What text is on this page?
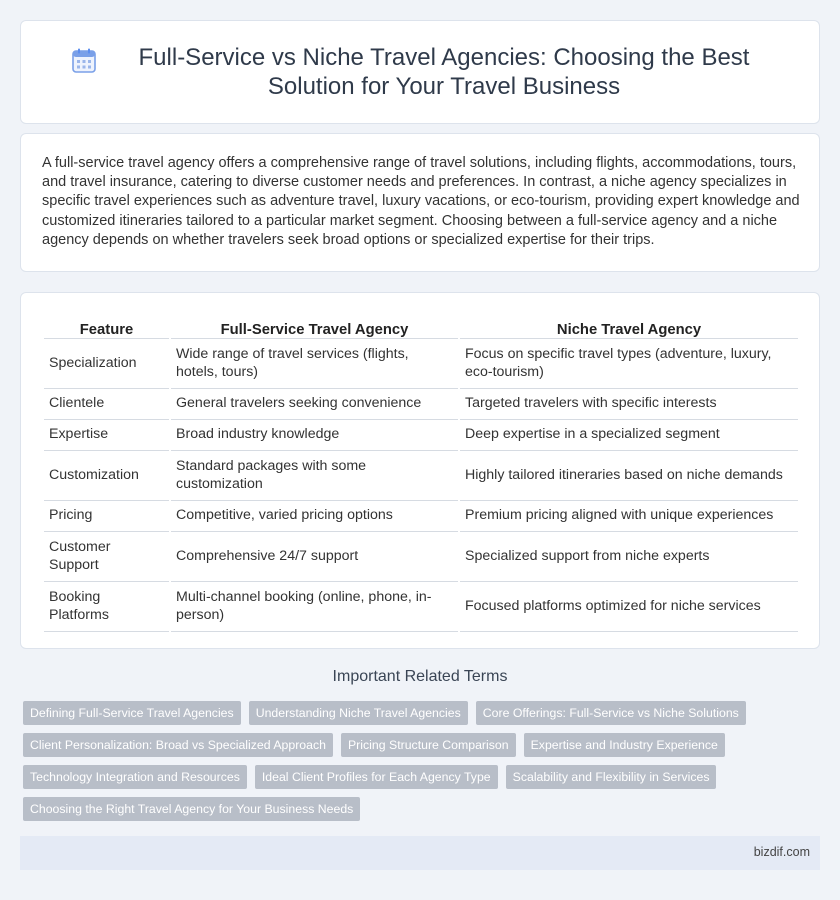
Full-Service vs Niche Travel Agencies: Choosing the Best Solution for Your Travel Business

A full-service travel agency offers a comprehensive range of travel solutions, including flights, accommodations, tours, and travel insurance, catering to diverse customer needs and preferences. In contrast, a niche agency specializes in specific travel experiences such as adventure travel, luxury vacations, or eco-tourism, providing expert knowledge and customized itineraries tailored to a particular market segment. Choosing between a full-service agency and a niche agency depends on whether travelers seek broad options or specialized expertise for their trips.

Feature	Full-Service Travel Agency	Niche Travel Agency
Specialization	Wide range of travel services (flights, hotels, tours)	Focus on specific travel types (adventure, luxury, eco-tourism)
Clientele	General travelers seeking convenience	Targeted travelers with specific interests
Expertise	Broad industry knowledge	Deep expertise in a specialized segment
Customization	Standard packages with some customization	Highly tailored itineraries based on niche demands
Pricing	Competitive, varied pricing options	Premium pricing aligned with unique experiences
Customer Support	Comprehensive 24/7 support	Specialized support from niche experts
Booking Platforms	Multi-channel booking (online, phone, in-person)	Focused platforms optimized for niche services
Important Related Terms
Defining Full-Service Travel Agencies	Understanding Niche Travel Agencies	Core Offerings: Full-Service vs Niche Solutions
Client Personalization: Broad vs Specialized Approach	Pricing Structure Comparison	Expertise and Industry Experience
Technology Integration and Resources	Ideal Client Profiles for Each Agency Type	Scalability and Flexibility in Services
Choosing the Right Travel Agency for Your Business Needs
bizdif.com
